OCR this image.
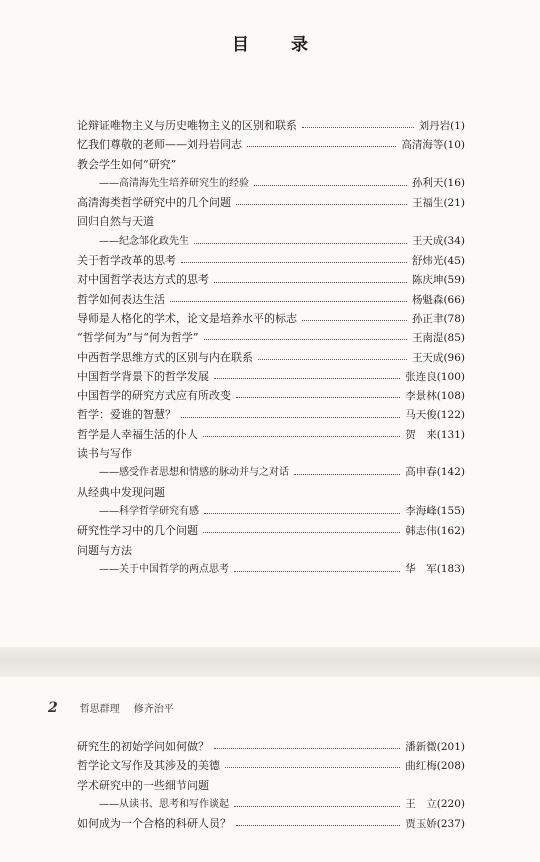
目 录
论辩证唯物主义与历史唯物主义的区别和联系	刘丹岩 (1)
忆我们尊敬的老师——刘丹岩同志	高清海等 (10)
教会学生如何“研究”
——高清海先生培养研究生的经验	孙利天 (16)
高清海类哲学研究中的几个问题	王福生 (21)
回归自然与天道
——纪念邹化政先生	王天成 (34)
关于哲学改革的思考	舒炜光 (45)
对中国哲学表达方式的思考	陈庆坤 (59)
哲学如何表达生活	杨魁森 (66)
导师是人格化的学术，论文是培养水平的标志	孙正聿 (78)
“哲学何为”与“何为哲学”	王南湜 (85)
中西哲学思维方式的区别与内在联系	王天成 (96)
中国哲学背景下的哲学发展	张连良 (100)
中国哲学的研究方式应有所改变	李景林 (108)
哲学：爱谁的智慧？	马天俊 (122)
哲学是人幸福生活的仆人	贺　来 (131)
读书与写作
——感受作者思想和情感的脉动并与之对话	高申春 (142)
从经典中发现问题
——科学哲学研究有感	李海峰 (155)
研究性学习中的几个问题	韩志伟 (162)
问题与方法
——关于中国哲学的两点思考	华　军 (183)
2 哲思群理 修齐治平
研究生的初始学问如何做？	潘新微 (201)
哲学论文写作及其涉及的美德	曲红梅 (208)
学术研究中的一些细节问题
——从读书、思考和写作谈起	王　立 (220)
如何成为一个合格的科研人员？	贾玉娇 (237)
